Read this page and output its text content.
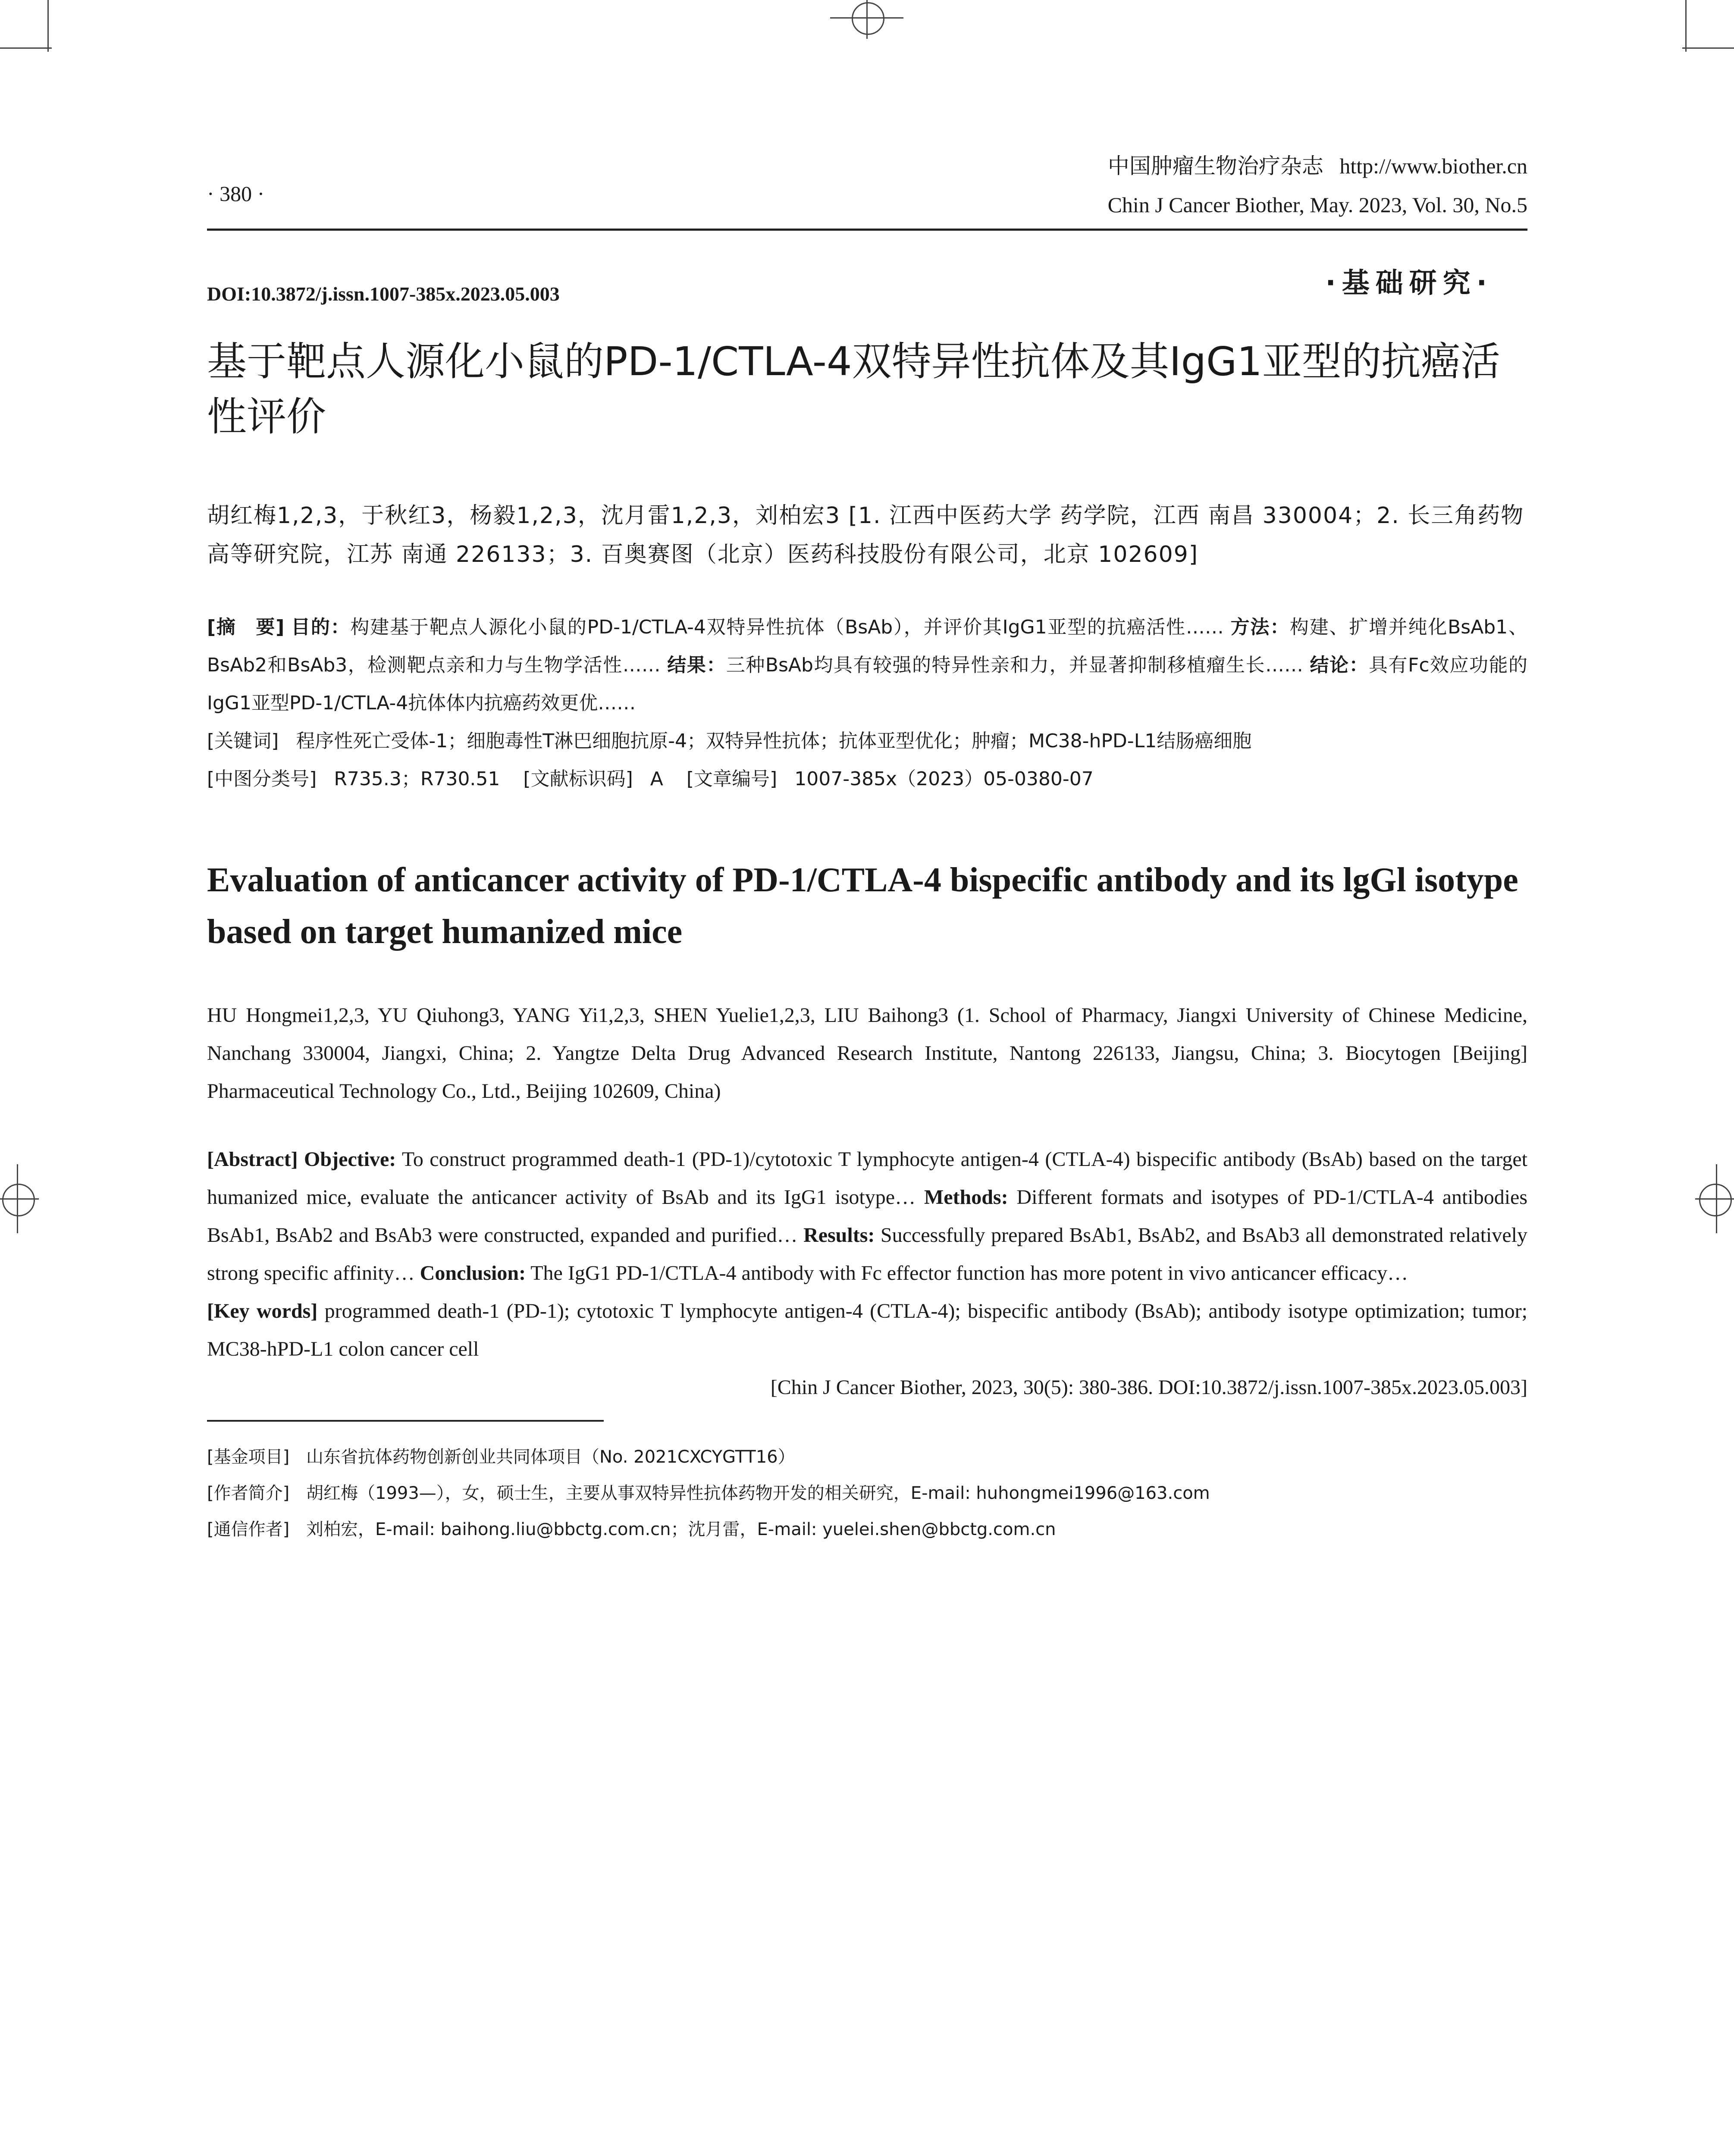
· 380 ·
中国肿瘤生物治疗杂志 http://www.biother.cn
Chin J Cancer Biother, May. 2023, Vol. 30, No.5
DOI:10.3872/j.issn.1007-385x.2023.05.003	·基础研究·
基于靶点人源化小鼠的PD-1/CTLA-4双特异性抗体及其IgG1亚型的抗癌活性评价
胡红梅1,2,3，于秋红3，杨毅1,2,3，沈月雷1,2,3，刘柏宏3 [1. 江西中医药大学 药学院，江西 南昌 330004；2. 长三角药物高等研究院，江苏 南通 226133；3. 百奥赛图（北京）医药科技股份有限公司，北京 102609]
[摘　要] 目的：构建基于靶点人源化小鼠的PD-1/CTLA-4双特异性抗体（BsAb），并评价其IgG1亚型的抗癌活性…… 方法：构建、扩增并纯化BsAb1、BsAb2和BsAb3，检测靶点亲和力与生物学活性…… 结果：三种BsAb均具有较强的特异性亲和力，并显著抑制移植瘤生长…… 结论：具有Fc效应功能的IgG1亚型PD-1/CTLA-4抗体体内抗癌药效更优……
[关键词] 程序性死亡受体-1；细胞毒性T淋巴细胞抗原-4；双特异性抗体；抗体亚型优化；肿瘤；MC38-hPD-L1结肠癌细胞
[中图分类号] R735.3；R730.51 [文献标识码] A [文章编号] 1007-385x（2023）05-0380-07
Evaluation of anticancer activity of PD-1/CTLA-4 bispecific antibody and its lgGl isotype based on target humanized mice
HU Hongmei1,2,3, YU Qiuhong3, YANG Yi1,2,3, SHEN Yuelie1,2,3, LIU Baihong3 (1. School of Pharmacy, Jiangxi University of Chinese Medicine, Nanchang 330004, Jiangxi, China; 2. Yangtze Delta Drug Advanced Research Institute, Nantong 226133, Jiangsu, China; 3. Biocytogen [Beijing] Pharmaceutical Technology Co., Ltd., Beijing 102609, China)
[Abstract] Objective: To construct programmed death-1 (PD-1)/cytotoxic T lymphocyte antigen-4 (CTLA-4) bispecific antibody (BsAb) based on the target humanized mice, evaluate the anticancer activity of BsAb and its IgG1 isotype… Methods: Different formats and isotypes of PD-1/CTLA-4 antibodies BsAb1, BsAb2 and BsAb3 were constructed, expanded and purified… Results: Successfully prepared BsAb1, BsAb2, and BsAb3 all demonstrated relatively strong specific affinity… Conclusion: The IgG1 PD-1/CTLA-4 antibody with Fc effector function has more potent in vivo anticancer efficacy…
[Key words] programmed death-1 (PD-1); cytotoxic T lymphocyte antigen-4 (CTLA-4); bispecific antibody (BsAb); antibody isotype optimization; tumor; MC38-hPD-L1 colon cancer cell
[Chin J Cancer Biother, 2023, 30(5): 380-386. DOI:10.3872/j.issn.1007-385x.2023.05.003]
[基金项目] 山东省抗体药物创新创业共同体项目（No. 2021CXCYGTT16）
[作者简介] 胡红梅（1993—），女，硕士生，主要从事双特异性抗体药物开发的相关研究，E-mail: huhongmei1996@163.com
[通信作者] 刘柏宏，E-mail: baihong.liu@bbctg.com.cn；沈月雷，E-mail: yuelei.shen@bbctg.com.cn
